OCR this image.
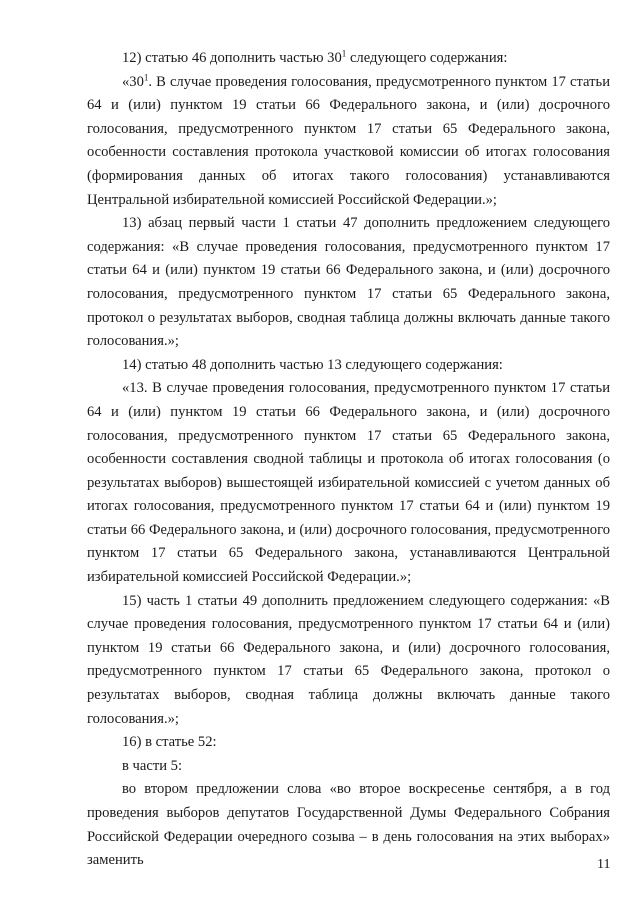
12) статью 46 дополнить частью $30^1$ следующего содержания:

«$30^1$. В случае проведения голосования, предусмотренного пунктом 17 статьи 64 и (или) пунктом 19 статьи 66 Федерального закона, и (или) досрочного голосования, предусмотренного пунктом 17 статьи 65 Федерального закона, особенности составления протокола участковой комиссии об итогах голосования (формирования данных об итогах такого голосования) устанавливаются Центральной избирательной комиссией Российской Федерации.»;

13) абзац первый части 1 статьи 47 дополнить предложением следующего содержания: «В случае проведения голосования, предусмотренного пунктом 17 статьи 64 и (или) пунктом 19 статьи 66 Федерального закона, и (или) досрочного голосования, предусмотренного пунктом 17 статьи 65 Федерального закона, протокол о результатах выборов, сводная таблица должны включать данные такого голосования.»;

14) статью 48 дополнить частью 13 следующего содержания:

«13. В случае проведения голосования, предусмотренного пунктом 17 статьи 64 и (или) пунктом 19 статьи 66 Федерального закона, и (или) досрочного голосования, предусмотренного пунктом 17 статьи 65 Федерального закона, особенности составления сводной таблицы и протокола об итогах голосования (о результатах выборов) вышестоящей избирательной комиссией с учетом данных об итогах голосования, предусмотренного пунктом 17 статьи 64 и (или) пунктом 19 статьи 66 Федерального закона, и (или) досрочного голосования, предусмотренного пунктом 17 статьи 65 Федерального закона, устанавливаются Центральной избирательной комиссией Российской Федерации.»;

15) часть 1 статьи 49 дополнить предложением следующего содержания: «В случае проведения голосования, предусмотренного пунктом 17 статьи 64 и (или) пунктом 19 статьи 66 Федерального закона, и (или) досрочного голосования, предусмотренного пунктом 17 статьи 65 Федерального закона, протокол о результатах выборов, сводная таблица должны включать данные такого голосования.»;

16) в статье 52:

в части 5:

во втором предложении слова «во второе воскресенье сентября, а в год проведения выборов депутатов Государственной Думы Федерального Собрания Российской Федерации очередного созыва – в день голосования на этих выборах» заменить	11
